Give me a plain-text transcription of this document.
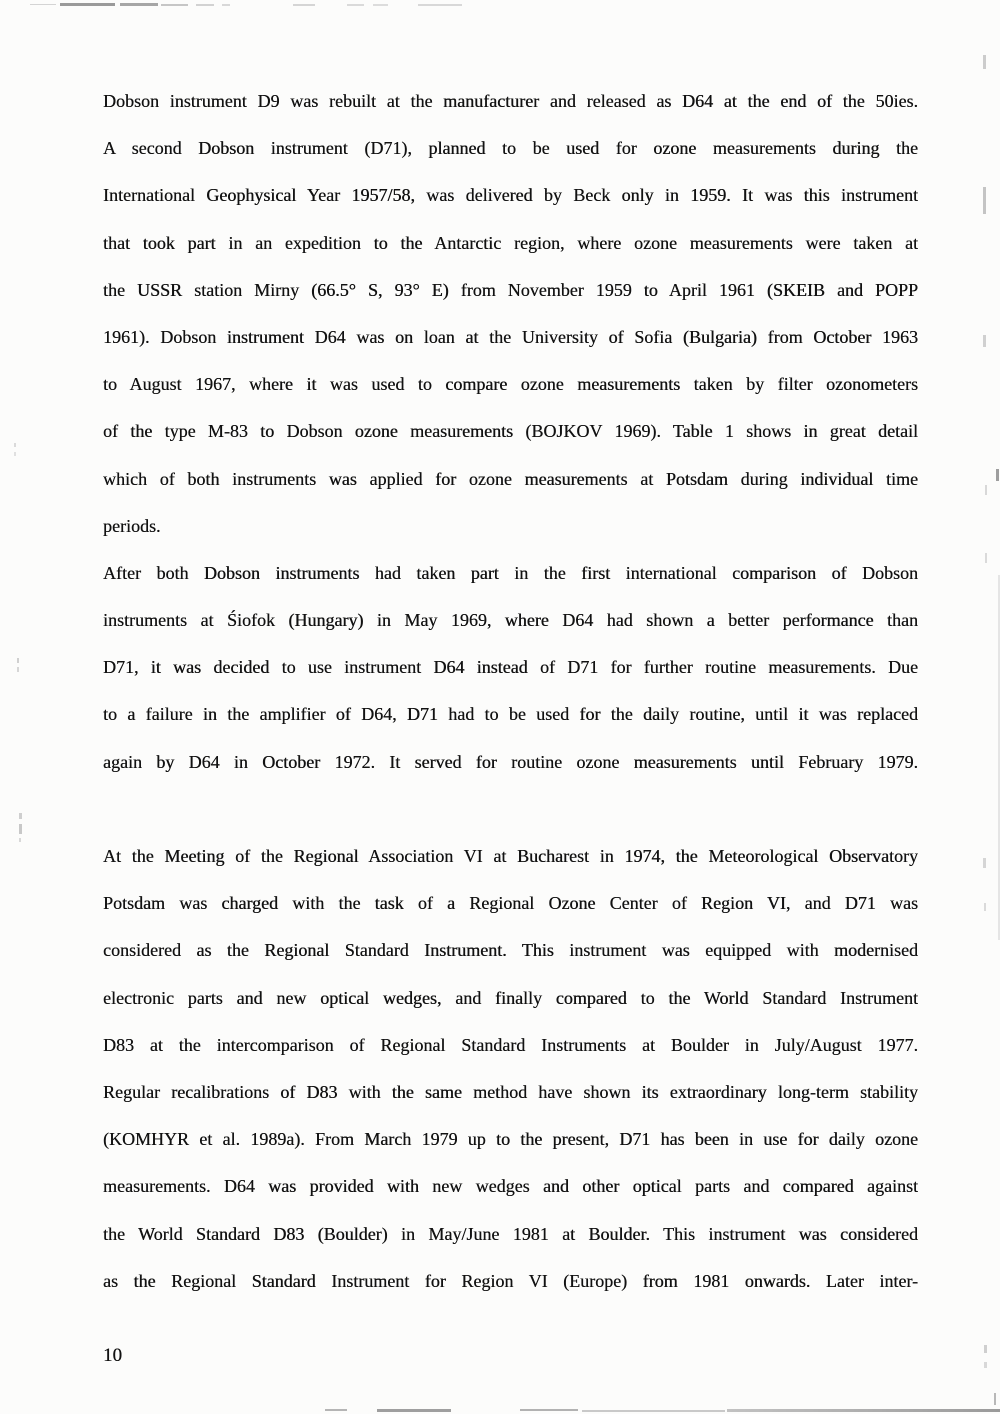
Dobson instrument D9 was rebuilt at the manufacturer and released as D64 at the end of the 50ies.
A second Dobson instrument (D71), planned to be used for ozone measurements during the
International Geophysical Year 1957/58, was delivered by Beck only in 1959. It was this instrument
that took part in an expedition to the Antarctic region, where ozone measurements were taken at
the USSR station Mirny (66.5° S, 93° E) from November 1959 to April 1961 (SKEIB and POPP
1961). Dobson instrument D64 was on loan at the University of Sofia (Bulgaria) from October 1963
to August 1967, where it was used to compare ozone measurements taken by filter ozonometers
of the type M-83 to Dobson ozone measurements (BOJKOV 1969). Table 1 shows in great detail
which of both instruments was applied for ozone measurements at Potsdam during individual time
periods.
After both Dobson instruments had taken part in the first international comparison of Dobson
instruments at Śiofok (Hungary) in May 1969, where D64 had shown a better performance than
D71, it was decided to use instrument D64 instead of D71 for further routine measurements. Due
to a failure in the amplifier of D64, D71 had to be used for the daily routine, until it was replaced
again by D64 in October 1972. It served for routine ozone measurements until February 1979.
At the Meeting of the Regional Association VI at Bucharest in 1974, the Meteorological Observatory
Potsdam was charged with the task of a Regional Ozone Center of Region VI, and D71 was
considered as the Regional Standard Instrument. This instrument was equipped with modernised
electronic parts and new optical wedges, and finally compared to the World Standard Instrument
D83 at the intercomparison of Regional Standard Instruments at Boulder in July/August 1977.
Regular recalibrations of D83 with the same method have shown its extraordinary long-term stability
(KOMHYR et al. 1989a). From March 1979 up to the present, D71 has been in use for daily ozone
measurements. D64 was provided with new wedges and other optical parts and compared against
the World Standard D83 (Boulder) in May/June 1981 at Boulder. This instrument was considered
as the Regional Standard Instrument for Region VI (Europe) from 1981 onwards. Later inter-
10
